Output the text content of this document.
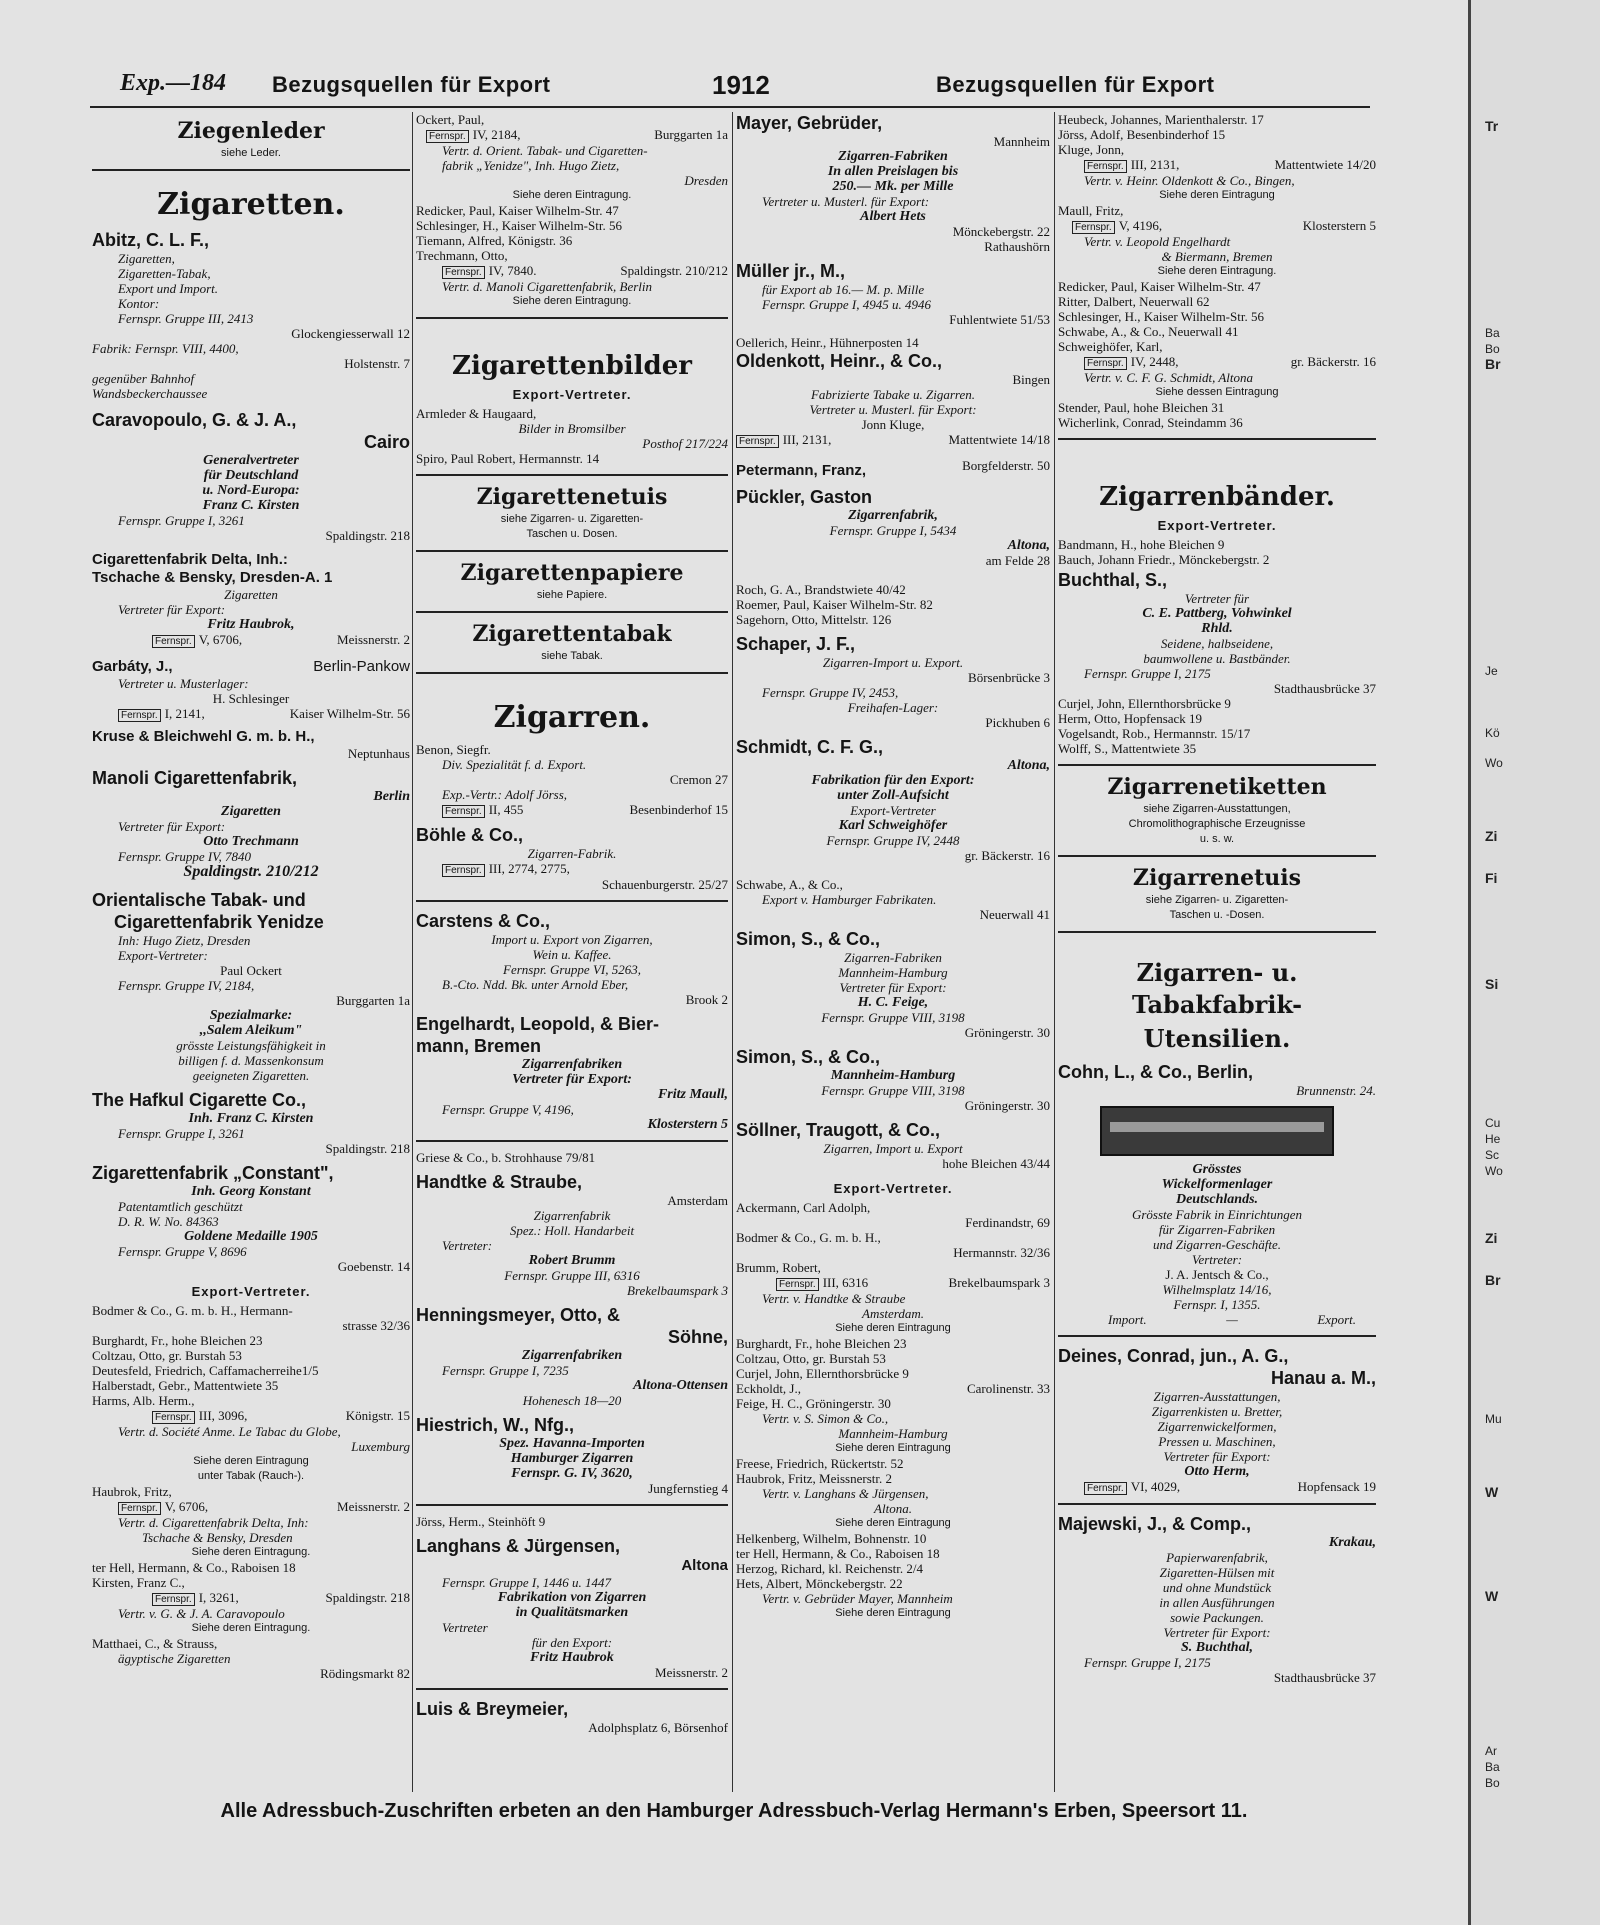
Exp.—184 Bezugsquellen für Export	1912	Bezugsquellen für Export
Ziegenleder
siehe Leder.
Zigaretten.
Abitz, C. L. F.,
Zigaretten,
Zigaretten-Tabak,
Export und Import.
Kontor:
Fernspr. Gruppe III, 2413
Glockengiesserwall 12
Fabrik: Fernspr. VIII, 4400,
Holstenstr. 7
gegenüber Bahnhof
Wandsbeckerchaussee
Caravopoulo, G. & J. A.,
Cairo
Generalvertreter
für Deutschland
u. Nord-Europa:
Franz C. Kirsten
Fernspr. Gruppe I, 3261
Spaldingstr. 218
Cigarettenfabrik Delta, Inh.:
Tschache & Bensky, Dresden-A. 1
Zigaretten
Vertreter für Export:
Fritz Haubrok,
Fernspr. V, 6706,	Meissnerstr. 2
Garbáty, J.,	Berlin-Pankow
Vertreter u. Musterlager:
H. Schlesinger
Fernspr. I, 2141,	Kaiser Wilhelm-Str. 56
Kruse & Bleichwehl G. m. b. H.,
Neptunhaus
Manoli Cigarettenfabrik,
Berlin
Zigaretten
Vertreter für Export:
Otto Trechmann
Fernspr. Gruppe IV, 7840
Spaldingstr. 210/212
Orientalische Tabak- und
Cigarettenfabrik Yenidze
Inh: Hugo Zietz, Dresden
Export-Vertreter:
Paul Ockert
Fernspr. Gruppe IV, 2184,
Burggarten 1a
Spezialmarke:
,,Salem Aleikum"
grösste Leistungsfähigkeit in
billigen f. d. Massenkonsum
geeigneten Zigaretten.
The Hafkul Cigarette Co.,
Inh. Franz C. Kirsten
Fernspr. Gruppe I, 3261
Spaldingstr. 218
Zigarettenfabrik „Constant",
Inh. Georg Konstant
Patentamtlich geschützt
D. R. W. No. 84363
Goldene Medaille 1905
Fernspr. Gruppe V, 8696
Goebenstr. 14
Export-Vertreter.
Bodmer & Co., G. m. b. H., Hermann-
strasse 32/36
Burghardt, Fr., hohe Bleichen 23
Coltzau, Otto, gr. Burstah 53
Deutesfeld, Friedrich, Caffamacherreihe1/5
Halberstadt, Gebr., Mattentwiete 35
Harms, Alb. Herm.,
Fernspr. III, 3096,	Königstr. 15
Vertr. d. Société Anme. Le Tabac du Globe,
Luxemburg
Siehe deren Eintragung
unter Tabak (Rauch-).
Haubrok, Fritz,
Fernspr. V, 6706,	Meissnerstr. 2
Vertr. d. Cigarettenfabrik Delta, Inh:
Tschache & Bensky, Dresden
Siehe deren Eintragung.
ter Hell, Hermann, & Co., Raboisen 18
Kirsten, Franz C.,
Fernspr. I, 3261,	Spaldingstr. 218
Vertr. v. G. & J. A. Caravopoulo
Siehe deren Eintragung.
Matthaei, C., & Strauss,
ägyptische Zigaretten
Rödingsmarkt 82
Ockert, Paul,
Fernspr. IV, 2184,	Burggarten 1a
Vertr. d. Orient. Tabak- und Cigaretten-
fabrik „Yenidze", Inh. Hugo Zietz,
Dresden
Siehe deren Eintragung.
Redicker, Paul, Kaiser Wilhelm-Str. 47
Schlesinger, H., Kaiser Wilhelm-Str. 56
Tiemann, Alfred, Königstr. 36
Trechmann, Otto,
Fernspr. IV, 7840.	Spaldingstr. 210/212
Vertr. d. Manoli Cigarettenfabrik, Berlin
Siehe deren Eintragung.
Zigarettenbilder
Export-Vertreter.
Armleder & Haugaard,
Bilder in Bromsilber
Posthof 217/224
Spiro, Paul Robert, Hermannstr. 14
Zigarettenetuis
siehe Zigarren- u. Zigaretten-
Taschen u. Dosen.
Zigarettenpapiere
siehe Papiere.
Zigarettentabak
siehe Tabak.
Zigarren.
Benon, Siegfr.
Div. Spezialität f. d. Export.
Cremon 27
Exp.-Vertr.: Adolf Jörss,
Fernspr. II, 455	Besenbinderhof 15
Böhle & Co.,
Zigarren-Fabrik.
Fernspr. III, 2774, 2775,
Schauenburgerstr. 25/27
Carstens & Co.,
Import u. Export von Zigarren,
Wein u. Kaffee.
Fernspr. Gruppe VI, 5263,
B.-Cto. Ndd. Bk. unter Arnold Eber,
Brook 2
Engelhardt, Leopold, & Bier-
mann, Bremen
Zigarrenfabriken
Vertreter für Export:
Fritz Maull,
Fernspr. Gruppe V, 4196,
Klosterstern 5
Griese & Co., b. Strohhause 79/81
Handtke & Straube,
Amsterdam
Zigarrenfabrik
Spez.: Holl. Handarbeit
Vertreter:
Robert Brumm
Fernspr. Gruppe III, 6316
Brekelbaumspark 3
Henningsmeyer, Otto, &
Söhne,
Zigarrenfabriken
Fernspr. Gruppe I, 7235
Altona-Ottensen
Hohenesch 18—20
Hiestrich, W., Nfg.,
Spez. Havanna-Importen
Hamburger Zigarren
Fernspr. G. IV, 3620,
Jungfernstieg 4
Jörss, Herm., Steinhöft 9
Langhans & Jürgensen,
Altona
Fernspr. Gruppe I, 1446 u. 1447
Fabrikation von Zigarren
in Qualitätsmarken
Vertreter
für den Export:
Fritz Haubrok
Meissnerstr. 2
Luis & Breymeier,
Adolphsplatz 6, Börsenhof
Mayer, Gebrüder,
Mannheim
Zigarren-Fabriken
In allen Preislagen bis
250.— Mk. per Mille
Vertreter u. Musterl. für Export:
Albert Hets
Mönckebergstr. 22
Rathaushörn
Müller jr., M.,
für Export ab 16.— M. p. Mille
Fernspr. Gruppe I, 4945 u. 4946
Fuhlentwiete 51/53
Oellerich, Heinr., Hühnerposten 14
Oldenkott, Heinr., & Co.,
Bingen
Fabrizierte Tabake u. Zigarren.
Vertreter u. Musterl. für Export:
Jonn Kluge,
Fernspr. III, 2131,	Mattentwiete 14/18
Petermann, Franz,	Borgfelderstr. 50
Pückler, Gaston
Zigarrenfabrik,
Fernspr. Gruppe I, 5434
Altona,
am Felde 28
Roch, G. A., Brandstwiete 40/42
Roemer, Paul, Kaiser Wilhelm-Str. 82
Sagehorn, Otto, Mittelstr. 126
Schaper, J. F.,
Zigarren-Import u. Export.
Börsenbrücke 3
Fernspr. Gruppe IV, 2453,
Freihafen-Lager:
Pickhuben 6
Schmidt, C. F. G.,
Altona,
Fabrikation für den Export:
unter Zoll-Aufsicht
Export-Vertreter
Karl Schweighöfer
Fernspr. Gruppe IV, 2448
gr. Bäckerstr. 16
Schwabe, A., & Co.,
Export v. Hamburger Fabrikaten.
Neuerwall 41
Simon, S., & Co.,
Zigarren-Fabriken
Mannheim-Hamburg
Vertreter für Export:
H. C. Feige,
Fernspr. Gruppe VIII, 3198
Gröningerstr. 30
Simon, S., & Co.,
Mannheim-Hamburg
Fernspr. Gruppe VIII, 3198
Gröningerstr. 30
Söllner, Traugott, & Co.,
Zigarren, Import u. Export
hohe Bleichen 43/44
Export-Vertreter.
Ackermann, Carl Adolph,
Ferdinandstr, 69
Bodmer & Co., G. m. b. H.,
Hermannstr. 32/36
Brumm, Robert,
Fernspr. III, 6316	Brekelbaumspark 3
Vertr. v. Handtke & Straube
Amsterdam.
Siehe deren Eintragung
Burghardt, Fr., hohe Bleichen 23
Coltzau, Otto, gr. Burstah 53
Curjel, John, Ellernthorsbrücke 9
Eckholdt, J.,	Carolinenstr. 33
Feige, H. C., Gröningerstr. 30
Vertr. v. S. Simon & Co.,
Mannheim-Hamburg
Siehe deren Eintragung
Freese, Friedrich, Rückertstr. 52
Haubrok, Fritz, Meissnerstr. 2
Vertr. v. Langhans & Jürgensen,
Altona.
Siehe deren Eintragung
Helkenberg, Wilhelm, Bohnenstr. 10
ter Hell, Hermann, & Co., Raboisen 18
Herzog, Richard, kl. Reichenstr. 2/4
Hets, Albert, Mönckebergstr. 22
Vertr. v. Gebrüder Mayer, Mannheim
Siehe deren Eintragung
Heubeck, Johannes, Marienthalerstr. 17
Jörss, Adolf, Besenbinderhof 15
Kluge, Jonn,
Fernspr. III, 2131,	Mattentwiete 14/20
Vertr. v. Heinr. Oldenkott & Co., Bingen,
Siehe deren Eintragung
Maull, Fritz,
Fernspr. V, 4196,	Klosterstern 5
Vertr. v. Leopold Engelhardt
& Biermann, Bremen
Siehe deren Eintragung.
Redicker, Paul, Kaiser Wilhelm-Str. 47
Ritter, Dalbert, Neuerwall 62
Schlesinger, H., Kaiser Wilhelm-Str. 56
Schwabe, A., & Co., Neuerwall 41
Schweighöfer, Karl,
Fernspr. IV, 2448,	gr. Bäckerstr. 16
Vertr. v. C. F. G. Schmidt, Altona
Siehe dessen Eintragung
Stender, Paul, hohe Bleichen 31
Wicherlink, Conrad, Steindamm 36
Zigarrenbänder.
Export-Vertreter.
Bandmann, H., hohe Bleichen 9
Bauch, Johann Friedr., Mönckebergstr. 2
Buchthal, S.,
Vertreter für
C. E. Pattberg, Vohwinkel
Rhld.
Seidene, halbseidene,
baumwollene u. Bastbänder.
Fernspr. Gruppe I, 2175
Stadthausbrücke 37
Curjel, John, Ellernthorsbrücke 9
Herm, Otto, Hopfensack 19
Vogelsandt, Rob., Hermannstr. 15/17
Wolff, S., Mattentwiete 35
Zigarrenetiketten
siehe Zigarren-Ausstattungen,
Chromolithographische Erzeugnisse
u. s. w.
Zigarrenetuis
siehe Zigarren- u. Zigaretten-
Taschen u. -Dosen.
Zigarren- u. Tabakfabrik-
Utensilien.
Cohn, L., & Co., Berlin,
Brunnenstr. 24.
Grösstes
Wickelformenlager
Deutschlands.
Grösste Fabrik in Einrichtungen
für Zigarren-Fabriken
und Zigarren-Geschäfte.
Vertreter:
J. A. Jentsch & Co.,
Wilhelmsplatz 14/16,
Fernspr. I, 1355.
Import.	—	Export.
Deines, Conrad, jun., A. G.,
Hanau a. M.,
Zigarren-Ausstattungen,
Zigarrenkisten u. Bretter,
Zigarrenwickelformen,
Pressen u. Maschinen,
Vertreter für Export:
Otto Herm,
Fernspr. VI, 4029,	Hopfensack 19
Majewski, J., & Comp.,
Krakau,
Papierwarenfabrik,
Zigaretten-Hülsen mit
und ohne Mundstück
in allen Ausführungen
sowie Packungen.
Vertreter für Export:
S. Buchthal,
Fernspr. Gruppe I, 2175
Stadthausbrücke 37
Alle Adressbuch-Zuschriften erbeten an den Hamburger Adressbuch-Verlag Hermann's Erben, Speersort 11.
Tr
Ba
Bo
Br
Je
Kö
Wo
Zi
Fi
Si
Cu
He
Sc
Wo
Zi
Br
Mu
W
W
Ar
Ba
Bo
